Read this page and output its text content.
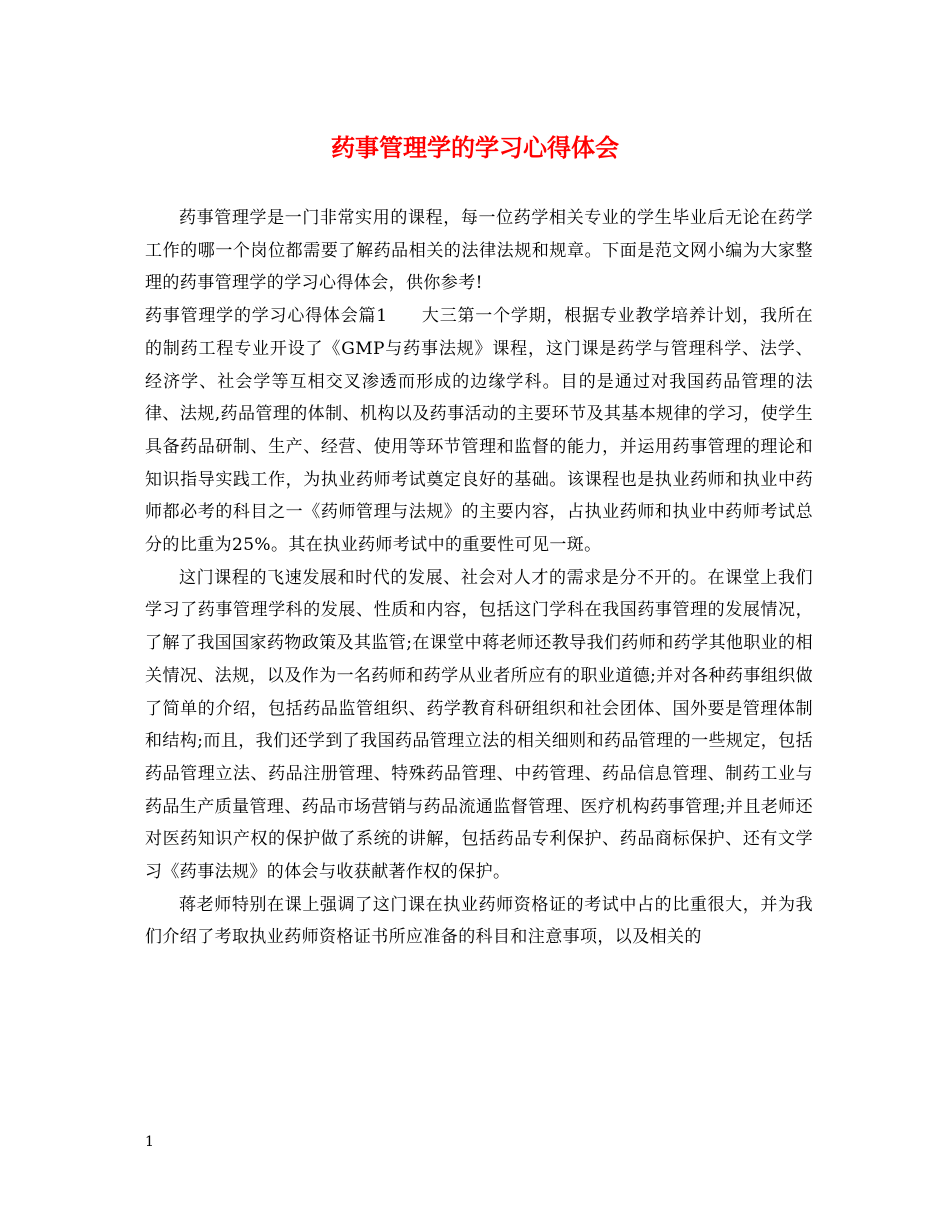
药事管理学的学习心得体会

药事管理学是一门非常实用的课程，每一位药学相关专业的学生毕业后无论在药学工作的哪一个岗位都需要了解药品相关的法律法规和规章。下面是范文网小编为大家整理的药事管理学的学习心得体会，供你参考!

药事管理学的学习心得体会篇1 大三第一个学期，根据专业教学培养计划，我所在的制药工程专业开设了《GMP与药事法规》课程，这门课是药学与管理科学、法学、经济学、社会学等互相交叉渗透而形成的边缘学科。目的是通过对我国药品管理的法律、法规,药品管理的体制、机构以及药事活动的主要环节及其基本规律的学习，使学生具备药品研制、生产、经营、使用等环节管理和监督的能力，并运用药事管理的理论和知识指导实践工作，为执业药师考试奠定良好的基础。该课程也是执业药师和执业中药师都必考的科目之一《药师管理与法规》的主要内容，占执业药师和执业中药师考试总分的比重为25%。其在执业药师考试中的重要性可见一斑。

这门课程的飞速发展和时代的发展、社会对人才的需求是分不开的。在课堂上我们学习了药事管理学科的发展、性质和内容，包括这门学科在我国药事管理的发展情况，了解了我国国家药物政策及其监管;在课堂中蒋老师还教导我们药师和药学其他职业的相关情况、法规，以及作为一名药师和药学从业者所应有的职业道德;并对各种药事组织做了简单的介绍，包括药品监管组织、药学教育科研组织和社会团体、国外要是管理体制和结构;而且，我们还学到了我国药品管理立法的相关细则和药品管理的一些规定，包括药品管理立法、药品注册管理、特殊药品管理、中药管理、药品信息管理、制药工业与药品生产质量管理、药品市场营销与药品流通监督管理、医疗机构药事管理;并且老师还对医药知识产权的保护做了系统的讲解，包括药品专利保护、药品商标保护、还有文学习《药事法规》的体会与收获献著作权的保护。

蒋老师特别在课上强调了这门课在执业药师资格证的考试中占的比重很大，并为我们介绍了考取执业药师资格证书所应准备的科目和注意事项，以及相关的

1
